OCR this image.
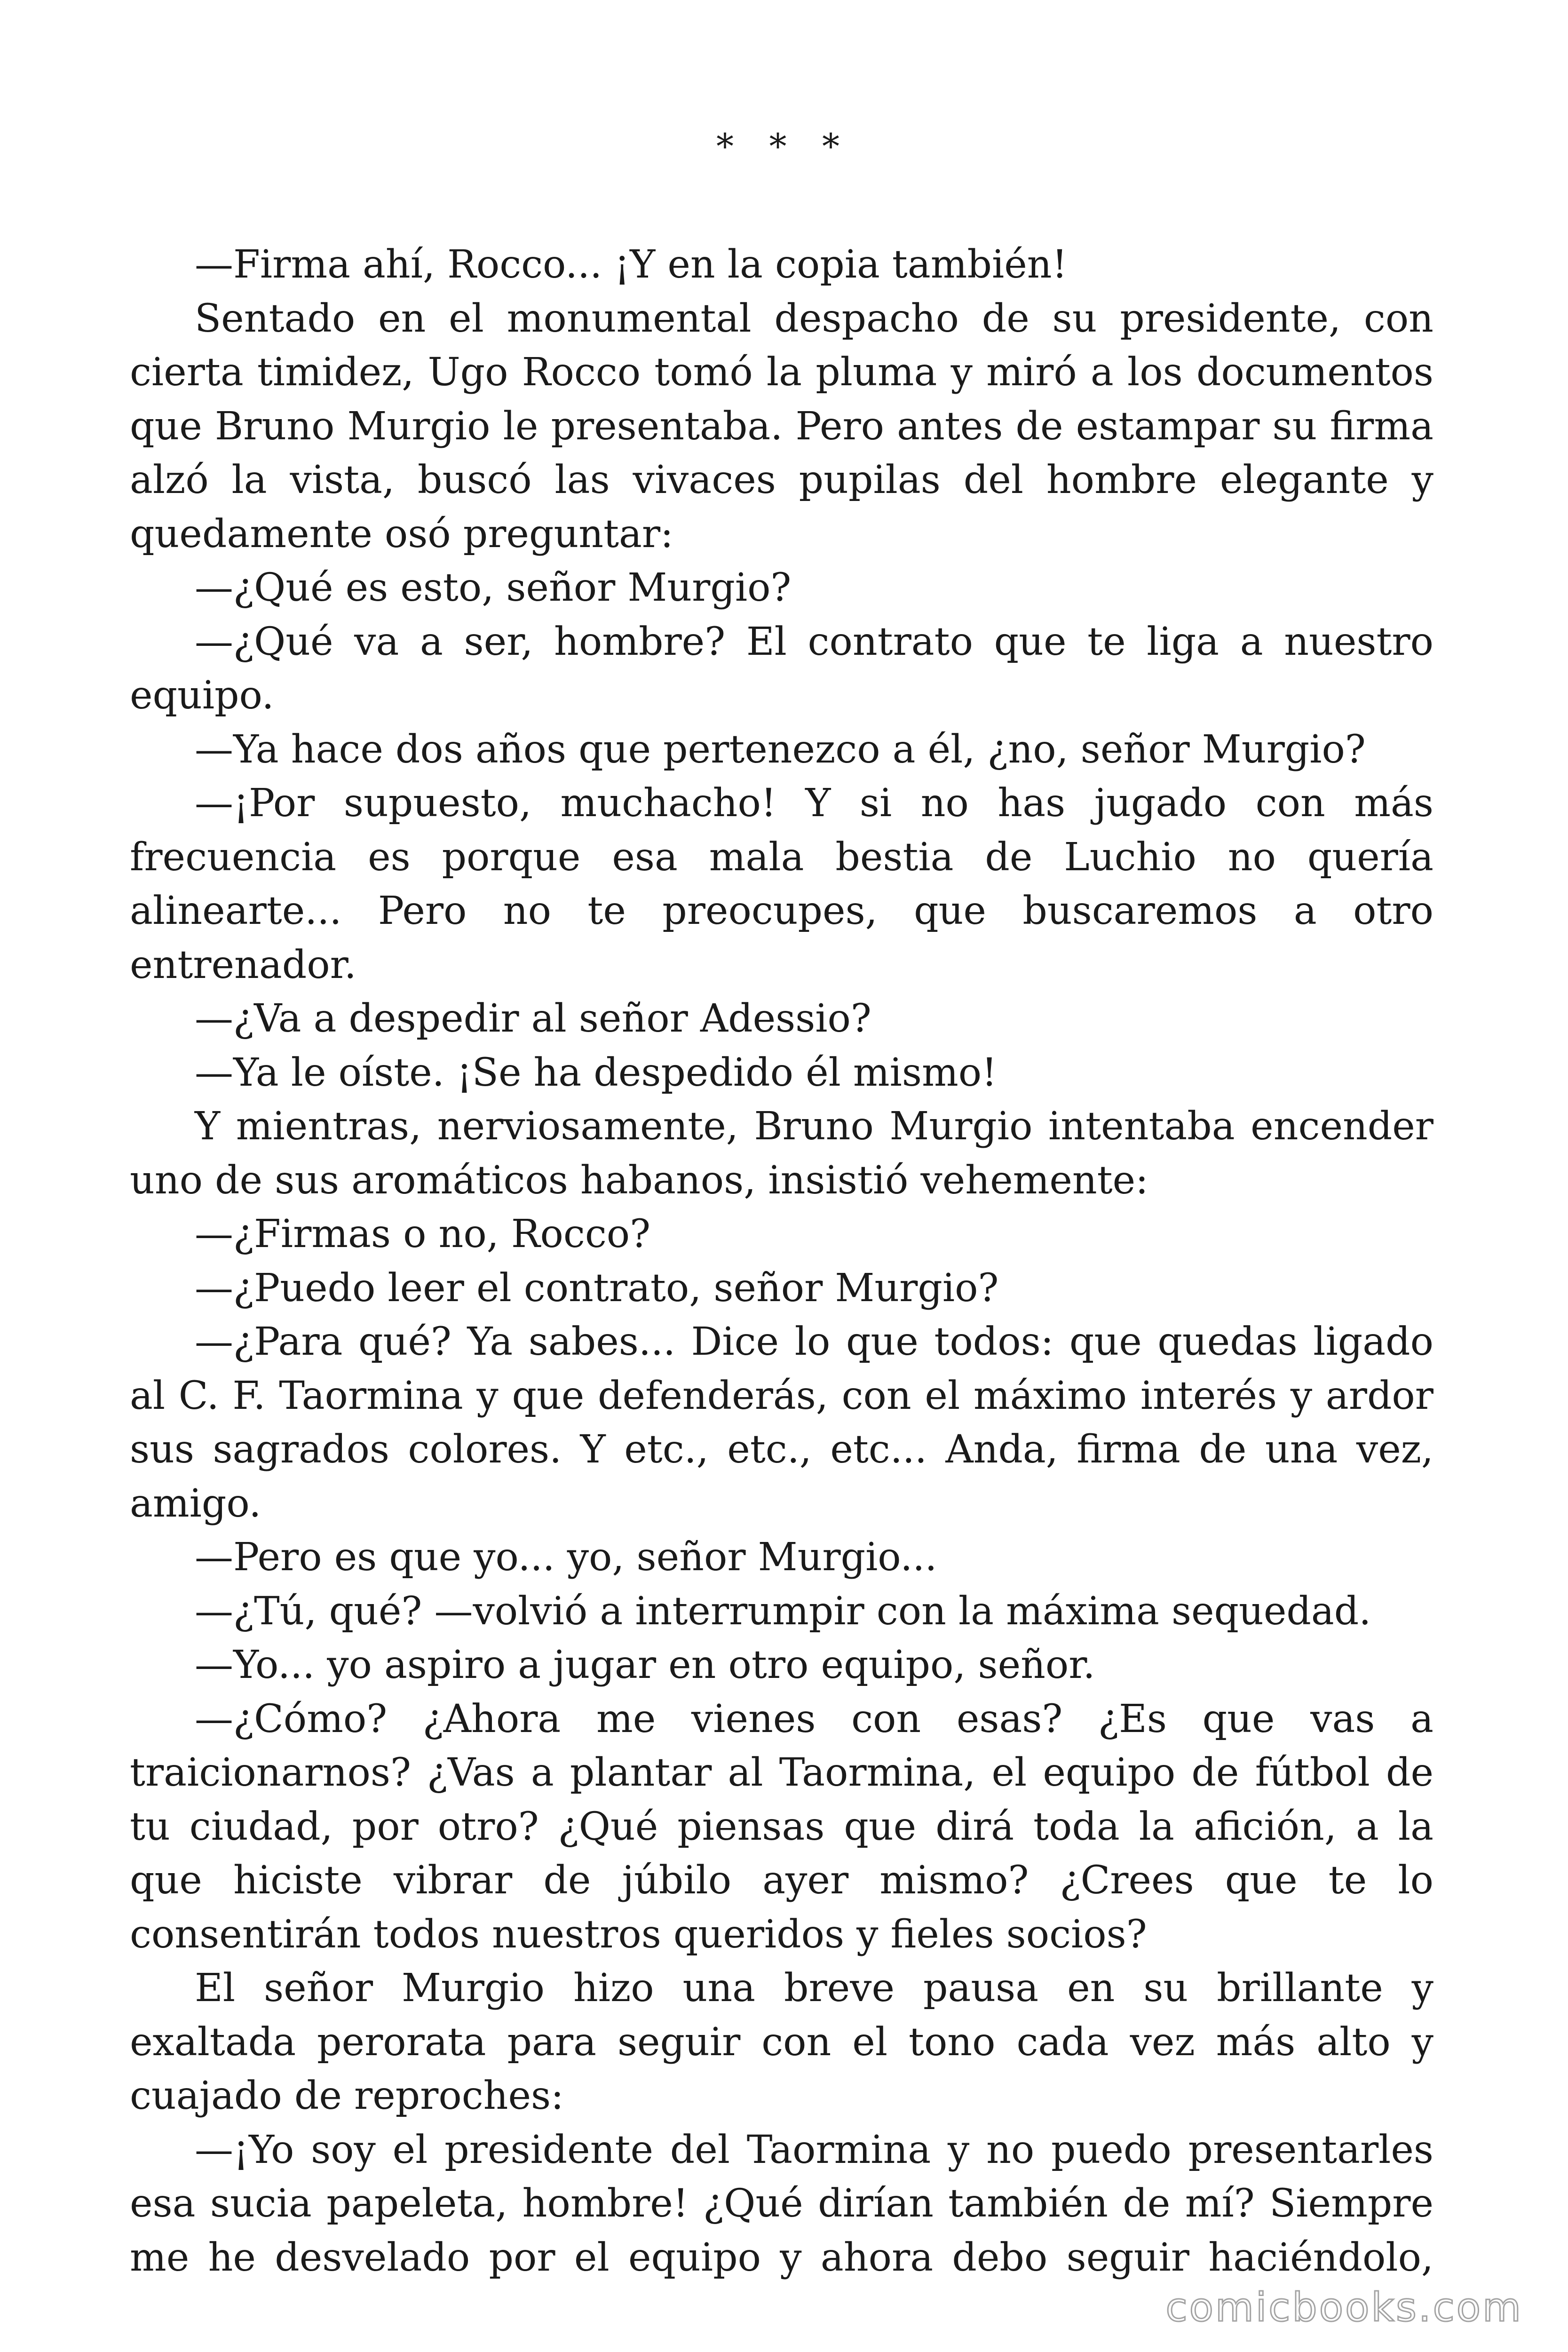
* * *

—Firma ahí, Rocco... ¡Y en la copia también!

Sentado en el monumental despacho de su presidente, con cierta timidez, Ugo Rocco tomó la pluma y miró a los documentos que Bruno Murgio le presentaba. Pero antes de estampar su firma alzó la vista, buscó las vivaces pupilas del hombre elegante y quedamente osó preguntar:

—¿Qué es esto, señor Murgio?

—¿Qué va a ser, hombre? El contrato que te liga a nuestro equipo.

—Ya hace dos años que pertenezco a él, ¿no, señor Murgio?

—¡Por supuesto, muchacho! Y si no has jugado con más frecuencia es porque esa mala bestia de Luchio no quería alinearte... Pero no te preocupes, que buscaremos a otro entrenador.

—¿Va a despedir al señor Adessio?

—Ya le oíste. ¡Se ha despedido él mismo!

Y mientras, nerviosamente, Bruno Murgio intentaba encender uno de sus aromáticos habanos, insistió vehemente:

—¿Firmas o no, Rocco?

—¿Puedo leer el contrato, señor Murgio?

—¿Para qué? Ya sabes... Dice lo que todos: que quedas ligado al C. F. Taormina y que defenderás, con el máximo interés y ardor sus sagrados colores. Y etc., etc., etc... Anda, firma de una vez, amigo.

—Pero es que yo... yo, señor Murgio...

—¿Tú, qué? —volvió a interrumpir con la máxima sequedad.

—Yo... yo aspiro a jugar en otro equipo, señor.

—¿Cómo? ¿Ahora me vienes con esas? ¿Es que vas a traicionarnos? ¿Vas a plantar al Taormina, el equipo de fútbol de tu ciudad, por otro? ¿Qué piensas que dirá toda la afición, a la que hiciste vibrar de júbilo ayer mismo? ¿Crees que te lo consentirán todos nuestros queridos y fieles socios?

El señor Murgio hizo una breve pausa en su brillante y exaltada perorata para seguir con el tono cada vez más alto y cuajado de reproches:

—¡Yo soy el presidente del Taormina y no puedo presentarles esa sucia papeleta, hombre! ¿Qué dirían también de mí? Siempre me he desvelado por el equipo y ahora debo seguir haciéndolo,

comicbooks.com
